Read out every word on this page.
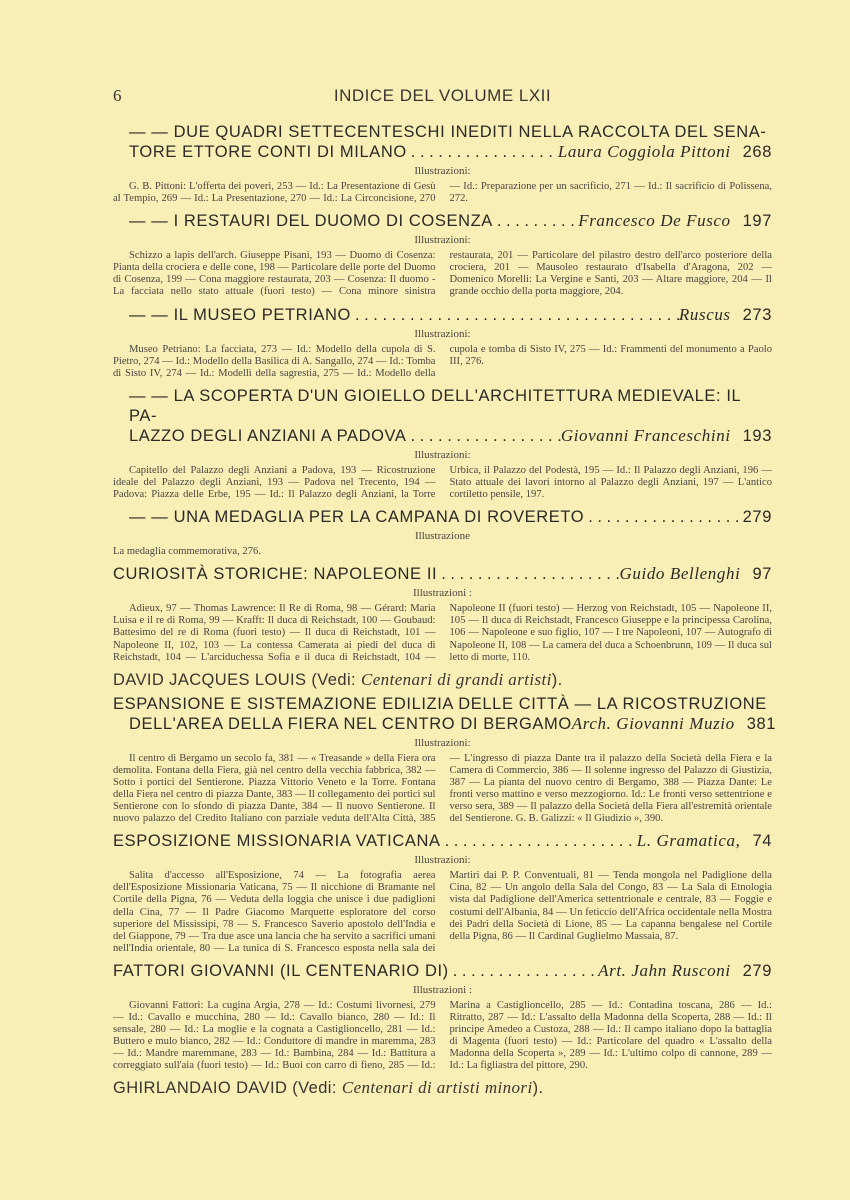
6	INDICE DEL VOLUME LXII
— — DUE QUADRI SETTECENTESCHI INEDITI NELLA RACCOLTA DEL SENA-
TORE ETTORE CONTI DI MILANO . . .	Laura Coggiola Pittoni 268
Illustrazioni:

G. B. Pittoni: L'offerta dei poveri, 253 — Id.: La Presentazione di Gesù al Tempio, 269 — Id.: La Presentazione, 270 — Id.: La Circoncisione, 270 — Id.: Preparazione per un sacrificio, 271 — Id.: Il sacrificio di Polissena, 272.

— — I RESTAURI DEL DUOMO DI COSENZA . . .	Francesco De Fusco 197
Illustrazioni:

Schizzo a lapis dell'arch. Giuseppe Pisani, 193 — Duomo di Cosenza: Pianta della crociera e delle cone, 198 — Particolare delle porte del Duomo di Cosenza, 199 — Cona maggiore restaurata, 203 — Cosenza: Il duomo - La facciata nello stato attuale (fuori testo) — Cona minore sinistra restaurata, 201 — Particolare del pilastro destro dell'arco posteriore della crociera, 201 — Mausoleo restaurato d'Isabella d'Aragona, 202 — Domenico Morelli: La Vergine e Santi, 203 — Altare maggiore, 204 — Il grande occhio della porta maggiore, 204.

— — IL MUSEO PETRIANO . . .	Ruscus 273
Illustrazioni:

Museo Petriano: La facciata, 273 — Id.: Modello della cupola di S. Pietro, 274 — Id.: Modello della Basilica di A. Sangallo, 274 — Id.: Tomba di Sisto IV, 274 — Id.: Modelli della sagrestia, 275 — Id.: Modello della cupola e tomba di Sisto IV, 275 — Id.: Frammenti del monumento a Paolo III, 276.

— — LA SCOPERTA D'UN GIOIELLO DELL'ARCHITETTURA MEDIEVALE: IL PA-
LAZZO DEGLI ANZIANI A PADOVA . . .	Giovanni Franceschini 193
Illustrazioni:

Capitello del Palazzo degli Anziani a Padova, 193 — Ricostruzione ideale del Palazzo degli Anziani, 193 — Padova nel Trecento, 194 — Padova: Piazza delle Erbe, 195 — Id.: Il Palazzo degli Anziani, la Torre Urbica, il Palazzo del Podestà, 195 — Id.: Il Palazzo degli Anziani, 196 — Stato attuale dei lavori intorno al Palazzo degli Anziani, 197 — L'antico cortiletto pensile, 197.

— — UNA MEDAGLIA PER LA CAMPANA DI ROVERETO . . .	279
Illustrazione
La medaglia commemorativa, 276.
CURIOSITÀ STORICHE: NAPOLEONE II . . .	Guido Bellenghi 97
Illustrazioni :

Adieux, 97 — Thomas Lawrence: Il Re di Roma, 98 — Gérard: Maria Luisa e il re di Roma, 99 — Krafft: Il duca di Reichstadt, 100 — Goubaud: Battesimo del re di Roma (fuori testo) — Il duca di Reichstadt, 101 — Napoleone II, 102, 103 — La contessa Camerata ai piedi del duca di Reichstadt, 104 — L'arciduchessa Sofia e il duca di Reichstadt, 104 — Napoleone II (fuori testo) — Herzog von Reichstadt, 105 — Napoleone II, 105 — Il duca di Reichstadt, Francesco Giuseppe e la principessa Carolina, 106 — Napoleone e suo figlio, 107 — I tre Napoleoni, 107 — Autografo di Napoleone II, 108 — La camera del duca a Schoenbrunn, 109 — Il duca sul letto di morte, 110.

DAVID JACQUES LOUIS (Vedi: Centenari di grandi artisti).
ESPANSIONE E SISTEMAZIONE EDILIZIA DELLE CITTÀ — LA RICOSTRUZIONE
DELL'AREA DELLA FIERA NEL CENTRO DI BERGAMO Arch. Giovanni Muzio 381
Illustrazioni:

Il centro di Bergamo un secolo fa, 381 — « Treasande » della Fiera ora demolita. Fontana della Fiera, già nel centro della vecchia fabbrica, 382 — Sotto i portici del Sentierone. Piazza Vittorio Veneto e la Torre. Fontana della Fiera nel centro di piazza Dante, 383 — Il collegamento dei portici sul Sentierone con lo sfondo di piazza Dante, 384 — Il nuovo Sentierone. Il nuovo palazzo del Credito Italiano con parziale veduta dell'Alta Città, 385 — L'ingresso di piazza Dante tra il palazzo della Società della Fiera e la Camera di Commercio, 386 — Il solenne ingresso del Palazzo di Giustizia, 387 — La pianta del nuovo centro di Bergamo, 388 — Piazza Dante: Le fronti verso mattino e verso mezzogiorno. Id.: Le fronti verso settentrione e verso sera, 389 — Il palazzo della Società della Fiera all'estremità orientale del Sentierone. G. B. Galizzi: « Il Giudizio », 390.

ESPOSIZIONE MISSIONARIA VATICANA . . .	L. Gramatica, 74
Illustrazioni:

Salita d'accesso all'Esposizione, 74 — La fotografia aerea dell'Esposizione Missionaria Vaticana, 75 — Il nicchione di Bramante nel Cortile della Pigna, 76 — Veduta della loggia che unisce i due padiglioni della Cina, 77 — Il Padre Giacomo Marquette esploratore del corso superiore del Mississipi, 78 — S. Francesco Saverio apostolo dell'India e del Giappone, 79 — Tra due asce una lancia che ha servito a sacrifici umani nell'India orientale, 80 — La tunica di S. Francesco esposta nella sala dei Martiri dai P. P. Conventuali, 81 — Tenda mongola nel Padiglione della Cina, 82 — Un angolo della Sala del Congo, 83 — La Sala di Etnologia vista dal Padiglione dell'America settentrionale e centrale, 83 — Foggie e costumi dell'Albania, 84 — Un feticcio dell'Africa occidentale nella Mostra dei Padri della Società di Lione, 85 — La capanna bengalese nel Cortile della Pigna, 86 — Il Cardinal Guglielmo Massaia, 87.

FATTORI GIOVANNI (IL CENTENARIO DI) . . .	Art. Jahn Rusconi 279
Illustrazioni :

Giovanni Fattori: La cugina Argia, 278 — Id.: Costumi livornesi, 279 — Id.: Cavallo e mucchina, 280 — Id.: Cavallo bianco, 280 — Id.: Il sensale, 280 — Id.: La moglie e la cognata a Castiglioncello, 281 — Id.: Buttero e mulo bianco, 282 — Id.: Conduttore di mandre in maremma, 283 — Id.: Mandre maremmane, 283 — Id.: Bambina, 284 — Id.: Battitura a correggiato sull'aia (fuori testo) — Id.: Buoi con carro di fieno, 285 — Id.: Marina a Castiglioncello, 285 — Id.: Contadina toscana, 286 — Id.: Ritratto, 287 — Id.: L'assalto della Madonna della Scoperta, 288 — Id.: Il principe Amedeo a Custoza, 288 — Id.: Il campo italiano dopo la battaglia di Magenta (fuori testo) — Id.: Particolare del quadro « L'assalto della Madonna della Scoperta », 289 — Id.: L'ultimo colpo di cannone, 289 — Id.: La figliastra del pittore, 290.

GHIRLANDAIO DAVID (Vedi: Centenari di artisti minori).
